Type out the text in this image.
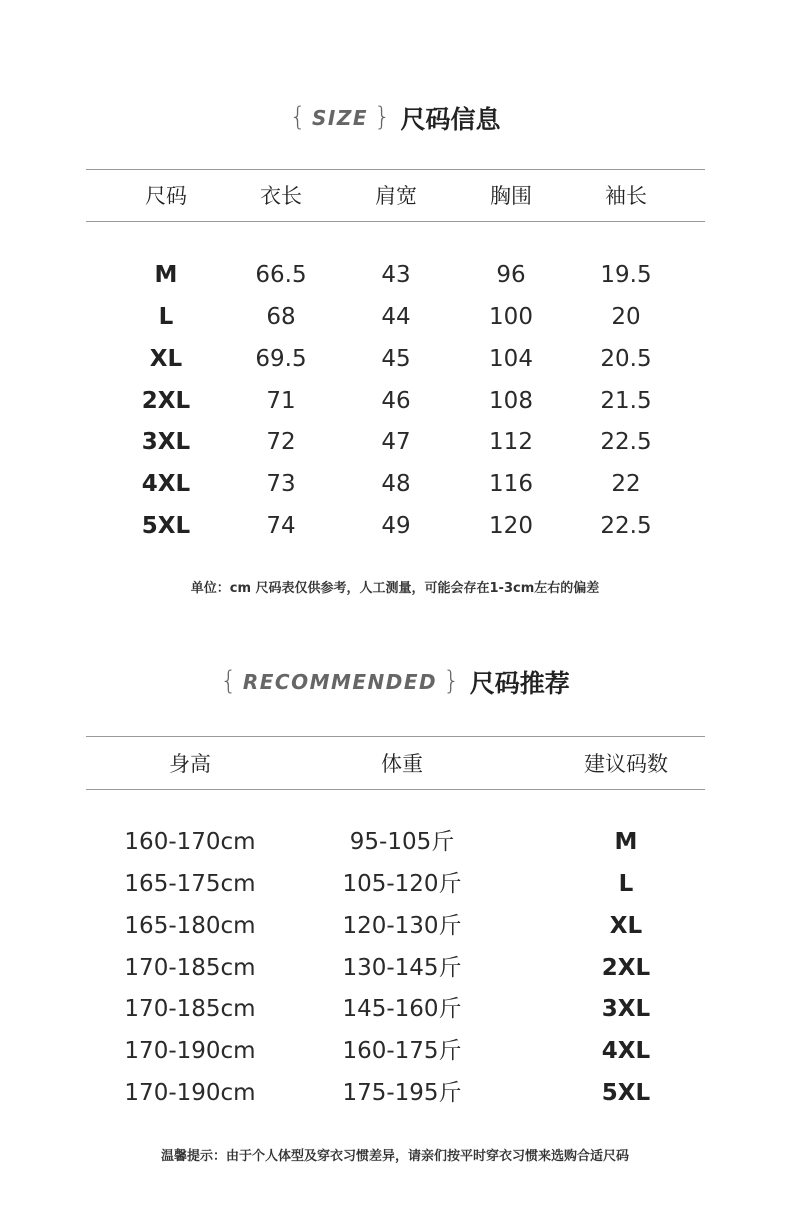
{ SIZE } 尺码信息
尺码	衣长	肩宽	胸围	袖长
M	66.5	43	96	19.5
L	68	44	100	20
XL	69.5	45	104	20.5
2XL	71	46	108	21.5
3XL	72	47	112	22.5
4XL	73	48	116	22
5XL	74	49	120	22.5
单位：cm 尺码表仅供参考，人工测量，可能会存在1-3cm左右的偏差
{ RECOMMENDED } 尺码推荐
身高	体重	建议码数
160-170cm	95-105斤	M
165-175cm	105-120斤	L
165-180cm	120-130斤	XL
170-185cm	130-145斤	2XL
170-185cm	145-160斤	3XL
170-190cm	160-175斤	4XL
170-190cm	175-195斤	5XL
温馨提示：由于个人体型及穿衣习惯差异，请亲们按平时穿衣习惯来选购合适尺码
